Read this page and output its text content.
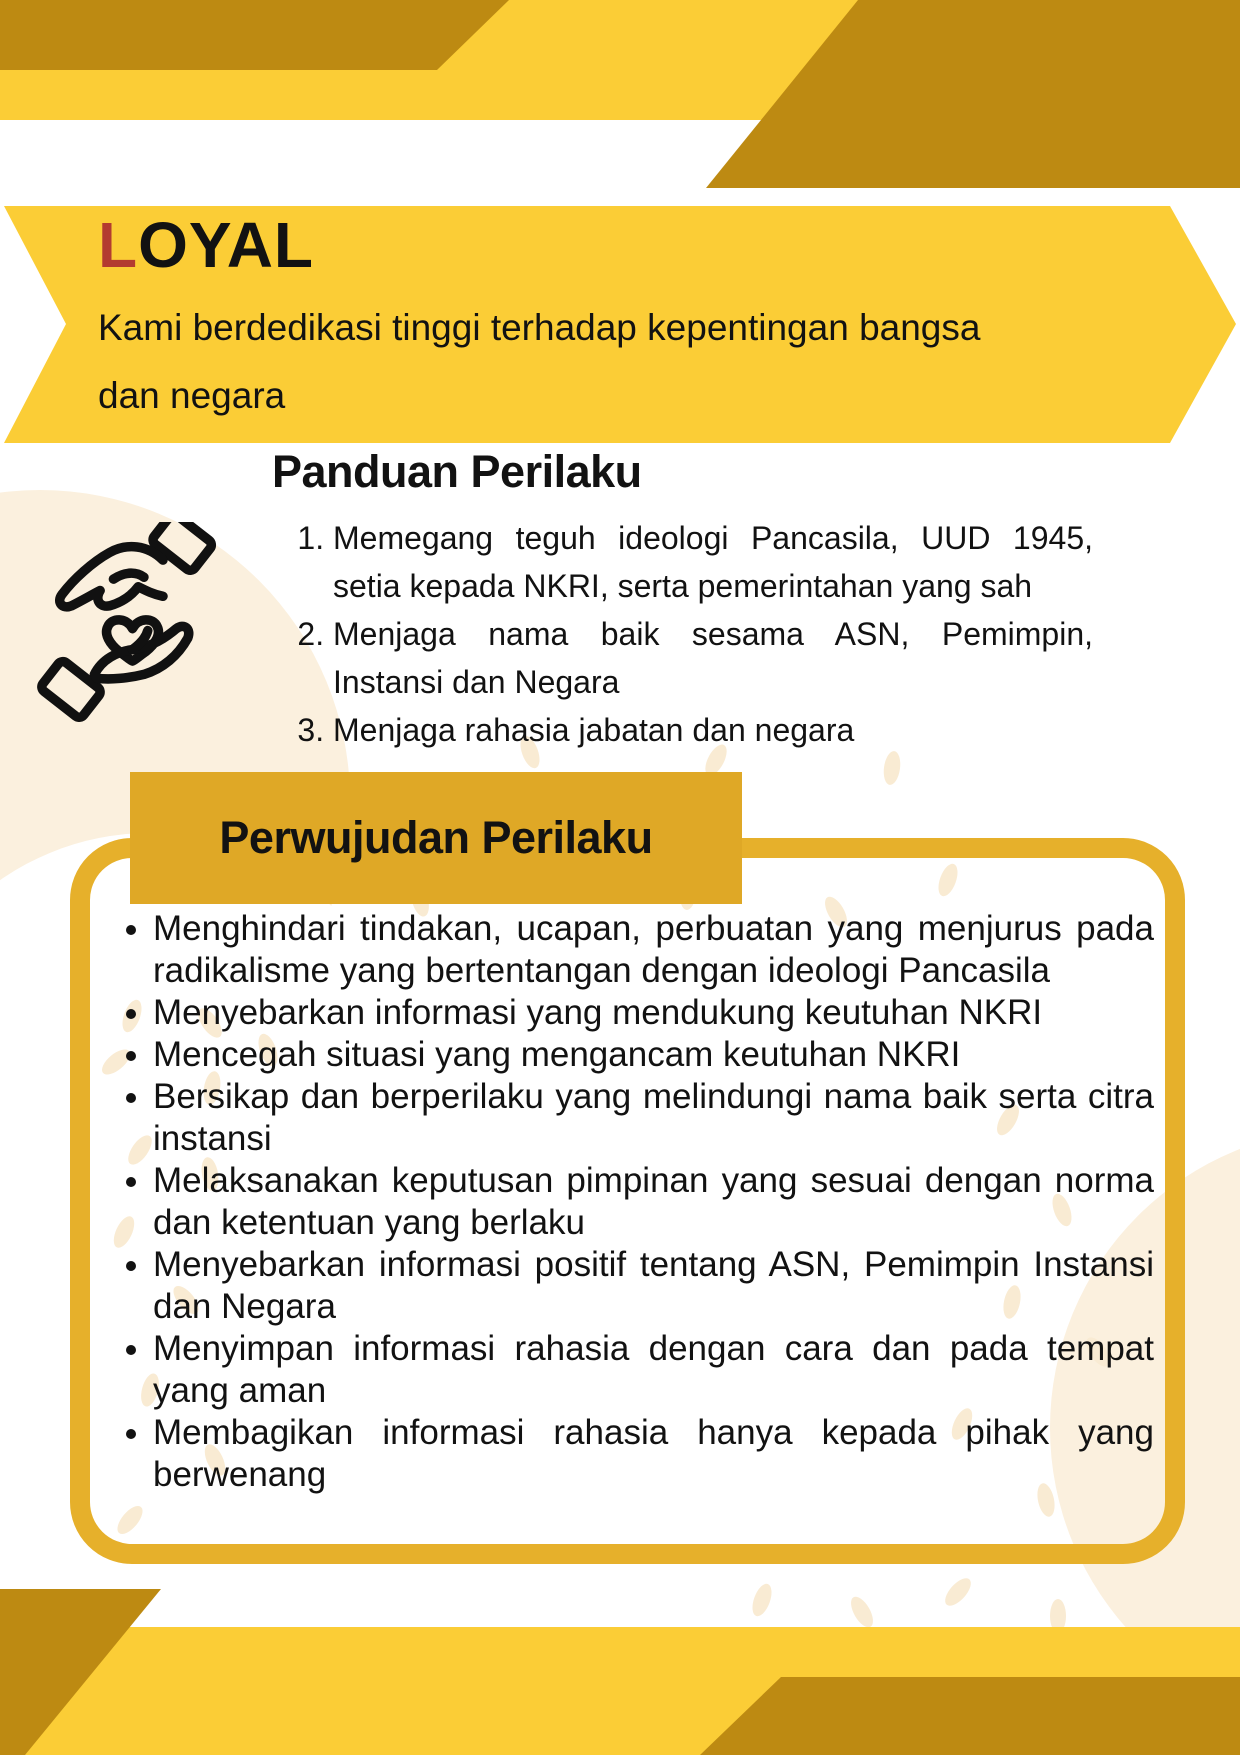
LOYAL
Kami berdedikasi tinggi terhadap kepentingan bangsa dan negara
Panduan Perilaku
1. Memegang teguh ideologi Pancasila, UUD 1945, setia kepada NKRI, serta pemerintahan yang sah
2. Menjaga nama baik sesama ASN, Pemimpin, Instansi dan Negara
3. Menjaga rahasia jabatan dan negara
Perwujudan Perilaku
• Menghindari tindakan, ucapan, perbuatan yang menjurus pada radikalisme yang bertentangan dengan ideologi Pancasila
• Menyebarkan informasi yang mendukung keutuhan NKRI
• Mencegah situasi yang mengancam keutuhan NKRI
• Bersikap dan berperilaku yang melindungi nama baik serta citra instansi
• Melaksanakan keputusan pimpinan yang sesuai dengan norma dan ketentuan yang berlaku
• Menyebarkan informasi positif tentang ASN, Pemimpin Instansi dan Negara
• Menyimpan informasi rahasia dengan cara dan pada tempat yang aman
• Membagikan informasi rahasia hanya kepada pihak yang berwenang
